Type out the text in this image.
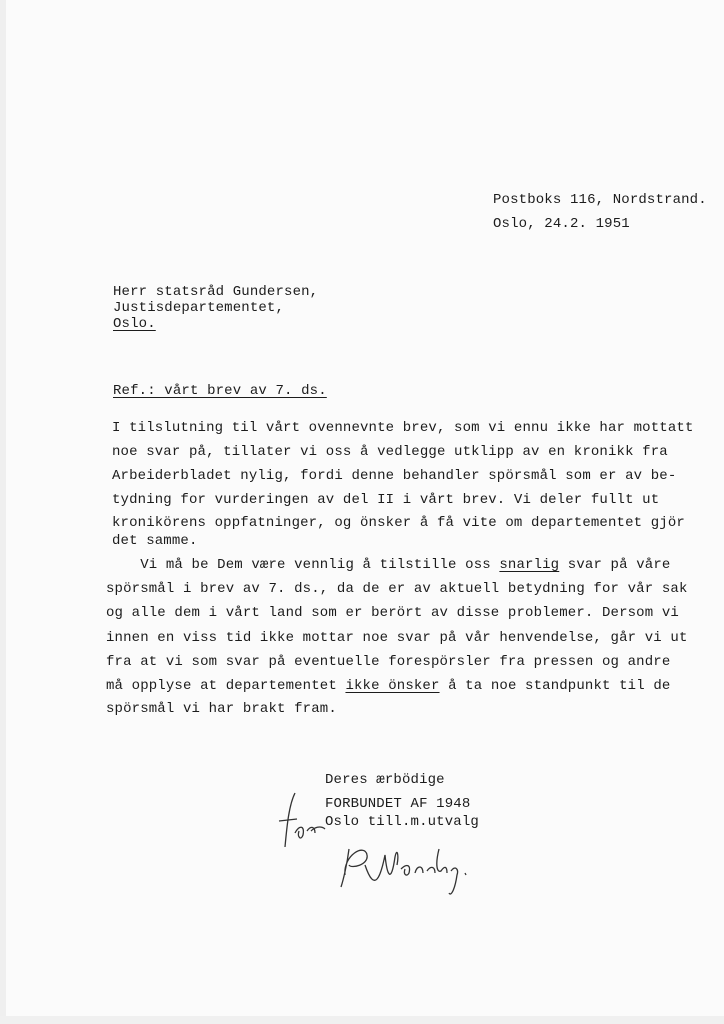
Postboks 116, Nordstrand.
Oslo, 24.2. 1951
Herr statsråd Gundersen,
Justisdepartementet,
Oslo.
Ref.: vårt brev av 7. ds.
I tilslutning til vårt ovennevnte brev, som vi ennu ikke har mottatt
noe svar på, tillater vi oss å vedlegge utklipp av en kronikk fra
Arbeiderbladet nylig, fordi denne behandler spörsmål som er av be-
tydning for vurderingen av del II i vårt brev. Vi deler fullt ut
kronikörens oppfatninger, og önsker å få vite om departementet gjör
det samme.
Vi må be Dem være vennlig å tilstille oss snarlig svar på våre
spörsmål i brev av 7. ds., da de er av aktuell betydning for vår sak
og alle dem i vårt land som er berört av disse problemer. Dersom vi
innen en viss tid ikke mottar noe svar på vår henvendelse, går vi ut
fra at vi som svar på eventuelle forespörsler fra pressen og andre
må opplyse at departementet ikke önsker å ta noe standpunkt til de
spörsmål vi har brakt fram.
Deres ærbödige
FORBUNDET AF 1948
Oslo till.m.utvalg
